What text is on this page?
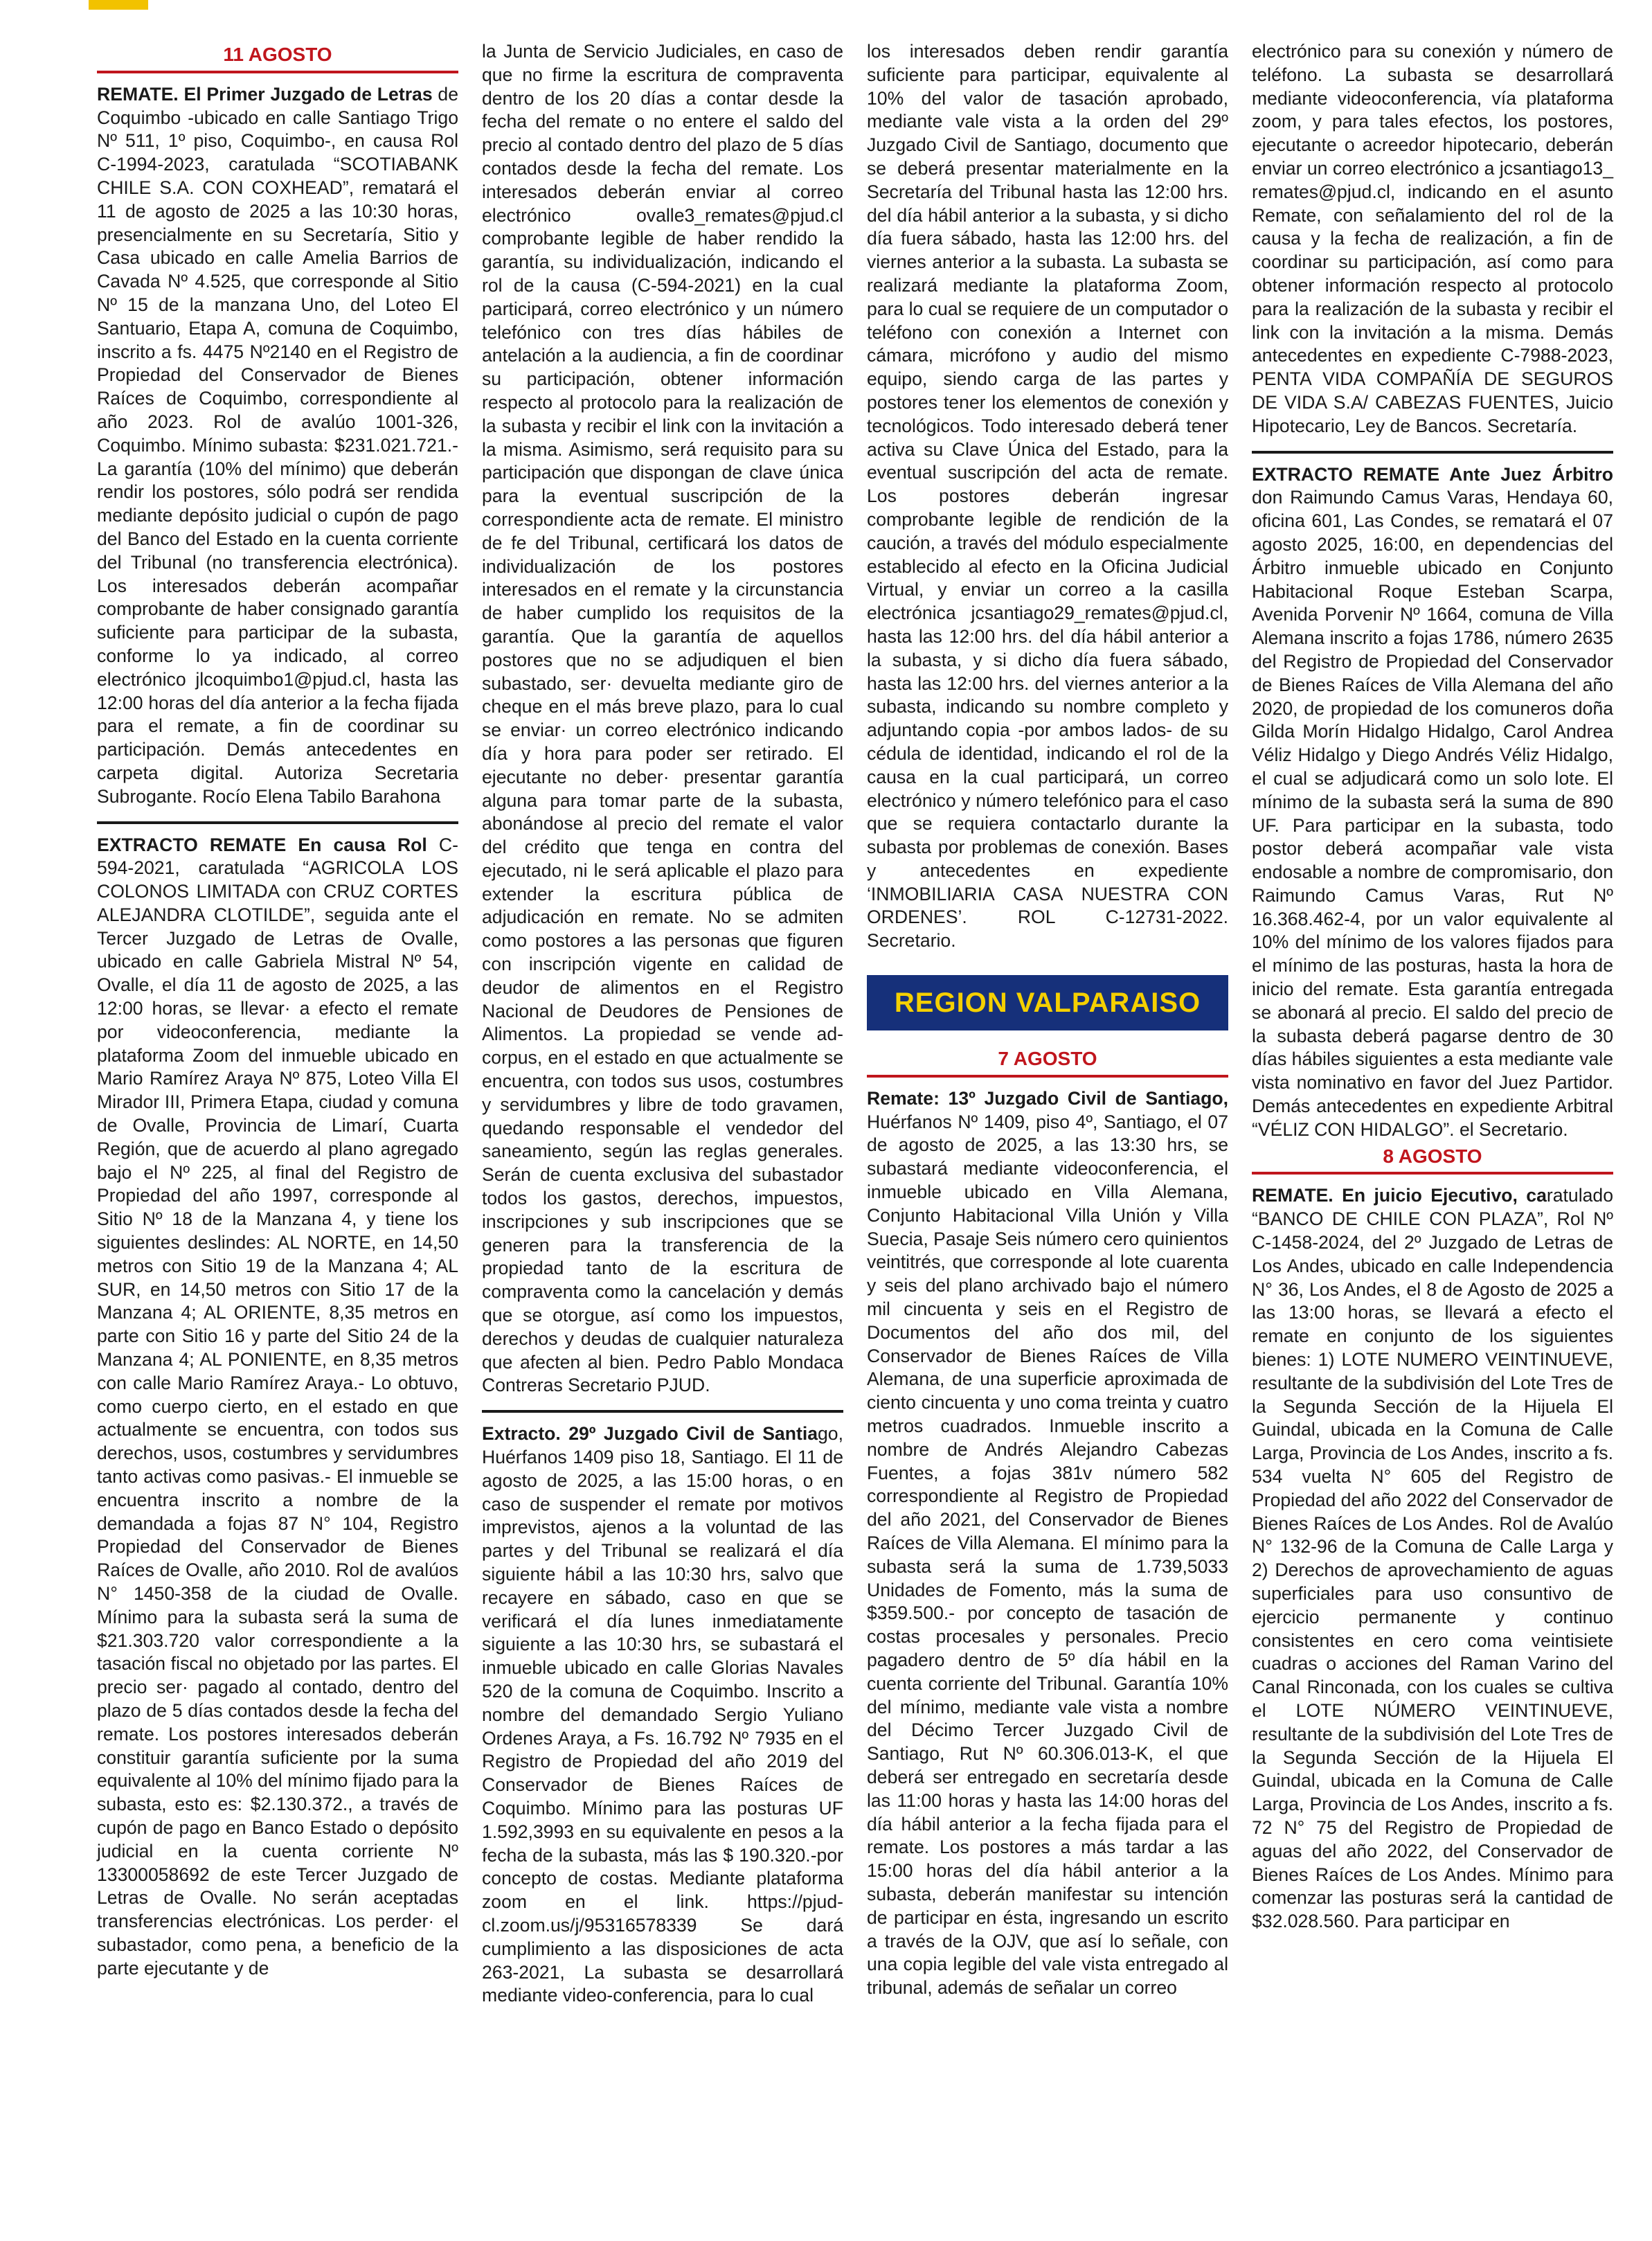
11 AGOSTO

REMATE. El Primer Juzgado de Letras de Coquimbo -ubicado en calle Santiago Trigo Nº 511, 1º piso, Coquimbo-, en causa Rol C-1994-2023, caratulada “SCOTIABANK CHILE S.A. CON COXHEAD”, rematará el 11 de agosto de 2025 a las 10:30 horas, presencialmente en su Secretaría, Sitio y Casa ubicado en calle Amelia Barrios de Cavada Nº 4.525, que corresponde al Sitio Nº 15 de la manzana Uno, del Loteo El Santuario, Etapa A, comuna de Coquimbo, inscrito a fs. 4475 Nº2140 en el Registro de Propiedad del Conservador de Bienes Raíces de Coquimbo, correspondiente al año 2023. Rol de avalúo 1001-326, Coquimbo. Mínimo subasta: $231.021.721.- La garantía (10% del mínimo) que deberán rendir los postores, sólo podrá ser rendida mediante depósito judicial o cupón de pago del Banco del Estado en la cuenta corriente del Tribunal (no transferencia electrónica). Los interesados deberán acompañar comprobante de haber consignado garantía suficiente para participar de la subasta, conforme lo ya indicado, al correo electrónico jlcoquimbo1@pjud.cl, hasta las 12:00 horas del día anterior a la fecha fijada para el remate, a fin de coordinar su participación. Demás antecedentes en carpeta digital. Autoriza Secretaria Subrogante. Rocío Elena Tabilo Barahona

EXTRACTO REMATE En causa Rol C-594-2021, caratulada “AGRICOLA LOS COLONOS LIMITADA con CRUZ CORTES ALEJANDRA CLOTILDE”, seguida ante el Tercer Juzgado de Letras de Ovalle, ubicado en calle Gabriela Mistral Nº 54, Ovalle, el día 11 de agosto de 2025, a las 12:00 horas, se llevar· a efecto el remate por videoconferencia, mediante la plataforma Zoom del inmueble ubicado en Mario Ramírez Araya Nº 875, Loteo Villa El Mirador III, Primera Etapa, ciudad y comuna de Ovalle, Provincia de Limarí, Cuarta Región, que de acuerdo al plano agregado bajo el Nº 225, al final del Registro de Propiedad del año 1997, corresponde al Sitio Nº 18 de la Manzana 4, y tiene los siguientes deslindes: AL NORTE, en 14,50 metros con Sitio 19 de la Manzana 4; AL SUR, en 14,50 metros con Sitio 17 de la Manzana 4; AL ORIENTE, 8,35 metros en parte con Sitio 16 y parte del Sitio 24 de la Manzana 4; AL PONIENTE, en 8,35 metros con calle Mario Ramírez Araya.- Lo obtuvo, como cuerpo cierto, en el estado en que actualmente se encuentra, con todos sus derechos, usos, costumbres y servidumbres tanto activas como pasivas.- El inmueble se encuentra inscrito a nombre de la demandada a fojas 87 N° 104, Registro Propiedad del Conservador de Bienes Raíces de Ovalle, año 2010. Rol de avalúos N° 1450-358 de la ciudad de Ovalle. Mínimo para la subasta será la suma de $21.303.720 valor correspondiente a la tasación fiscal no objetado por las partes. El precio ser· pagado al contado, dentro del plazo de 5 días contados desde la fecha del remate. Los postores interesados deberán constituir garantía suficiente por la suma equivalente al 10% del mínimo fijado para la subasta, esto es: $2.130.372., a través de cupón de pago en Banco Estado o depósito judicial en la cuenta corriente Nº 13300058692 de este Tercer Juzgado de Letras de Ovalle. No serán aceptadas transferencias electrónicas. Los perder· el subastador, como pena, a beneficio de la parte ejecutante y de

la Junta de Servicio Judiciales, en caso de que no firme la escritura de compraventa dentro de los 20 días a contar desde la fecha del remate o no entere el saldo del precio al contado dentro del plazo de 5 días contados desde la fecha del remate. Los interesados deberán enviar al correo electrónico ovalle3_remates@pjud.cl comprobante legible de haber rendido la garantía, su individualización, indicando el rol de la causa (C-594-2021) en la cual participará, correo electrónico y un número telefónico con tres días hábiles de antelación a la audiencia, a fin de coordinar su participación, obtener información respecto al protocolo para la realización de la subasta y recibir el link con la invitación a la misma. Asimismo, será requisito para su participación que dispongan de clave única para la eventual suscripción de la correspondiente acta de remate. El ministro de fe del Tribunal, certificará los datos de individualización de los postores interesados en el remate y la circunstancia de haber cumplido los requisitos de la garantía. Que la garantía de aquellos postores que no se adjudiquen el bien subastado, ser· devuelta mediante giro de cheque en el más breve plazo, para lo cual se enviar· un correo electrónico indicando día y hora para poder ser retirado. El ejecutante no deber· presentar garantía alguna para tomar parte de la subasta, abonándose al precio del remate el valor del crédito que tenga en contra del ejecutado, ni le será aplicable el plazo para extender la escritura pública de adjudicación en remate. No se admiten como postores a las personas que figuren con inscripción vigente en calidad de deudor de alimentos en el Registro Nacional de Deudores de Pensiones de Alimentos. La propiedad se vende ad-corpus, en el estado en que actualmente se encuentra, con todos sus usos, costumbres y servidumbres y libre de todo gravamen, quedando responsable el vendedor del saneamiento, según las reglas generales. Serán de cuenta exclusiva del subastador todos los gastos, derechos, impuestos, inscripciones y sub inscripciones que se generen para la transferencia de la propiedad tanto de la escritura de compraventa como la cancelación y demás que se otorgue, así como los impuestos, derechos y deudas de cualquier naturaleza que afecten al bien. Pedro Pablo Mondaca Contreras Secretario PJUD.

Extracto. 29º Juzgado Civil de Santiago, Huérfanos 1409 piso 18, Santiago. El 11 de agosto de 2025, a las 15:00 horas, o en caso de suspender el remate por motivos imprevistos, ajenos a la voluntad de las partes y del Tribunal se realizará el día siguiente hábil a las 10:30 hrs, salvo que recayere en sábado, caso en que se verificará el día lunes inmediatamente siguiente a las 10:30 hrs, se subastará el inmueble ubicado en calle Glorias Navales 520 de la comuna de Coquimbo. Inscrito a nombre del demandado Sergio Yuliano Ordenes Araya, a Fs. 16.792 Nº 7935 en el Registro de Propiedad del año 2019 del Conservador de Bienes Raíces de Coquimbo. Mínimo para las posturas UF 1.592,3993 en su equivalente en pesos a la fecha de la subasta, más las $ 190.320.-por concepto de costas. Mediante plataforma zoom en el link. https://pjud-cl.zoom.us/j/95316578339 Se dará cumplimiento a las disposiciones de acta 263-2021, La subasta se desarrollará mediante video-conferencia, para lo cual

los interesados deben rendir garantía suficiente para participar, equivalente al 10% del valor de tasación aprobado, mediante vale vista a la orden del 29º Juzgado Civil de Santiago, documento que se deberá presentar materialmente en la Secretaría del Tribunal hasta las 12:00 hrs. del día hábil anterior a la subasta, y si dicho día fuera sábado, hasta las 12:00 hrs. del viernes anterior a la subasta. La subasta se realizará mediante la plataforma Zoom, para lo cual se requiere de un computador o teléfono con conexión a Internet con cámara, micrófono y audio del mismo equipo, siendo carga de las partes y postores tener los elementos de conexión y tecnológicos. Todo interesado deberá tener activa su Clave Única del Estado, para la eventual suscripción del acta de remate. Los postores deberán ingresar comprobante legible de rendición de la caución, a través del módulo especialmente establecido al efecto en la Oficina Judicial Virtual, y enviar un correo a la casilla electrónica jcsantiago29_remates@pjud.cl, hasta las 12:00 hrs. del día hábil anterior a la subasta, y si dicho día fuera sábado, hasta las 12:00 hrs. del viernes anterior a la subasta, indicando su nombre completo y adjuntando copia -por ambos lados- de su cédula de identidad, indicando el rol de la causa en la cual participará, un correo electrónico y número telefónico para el caso que se requiera contactarlo durante la subasta por problemas de conexión. Bases y antecedentes en expediente ‘INMOBILIARIA CASA NUESTRA CON ORDENES’. ROL C-12731-2022. Secretario.

REGION VALPARAISO
7 AGOSTO

Remate: 13º Juzgado Civil de Santiago, Huérfanos Nº 1409, piso 4º, Santiago, el 07 de agosto de 2025, a las 13:30 hrs, se subastará mediante videoconferencia, el inmueble ubicado en Villa Alemana, Conjunto Habitacional Villa Unión y Villa Suecia, Pasaje Seis número cero quinientos veintitrés, que corresponde al lote cuarenta y seis del plano archivado bajo el número mil cincuenta y seis en el Registro de Documentos del año dos mil, del Conservador de Bienes Raíces de Villa Alemana, de una superficie aproximada de ciento cincuenta y uno coma treinta y cuatro metros cuadrados. Inmueble inscrito a nombre de Andrés Alejandro Cabezas Fuentes, a fojas 381v número 582 correspondiente al Registro de Propiedad del año 2021, del Conservador de Bienes Raíces de Villa Alemana. El mínimo para la subasta será la suma de 1.739,5033 Unidades de Fomento, más la suma de $359.500.- por concepto de tasación de costas procesales y personales. Precio pagadero dentro de 5º día hábil en la cuenta corriente del Tribunal. Garantía 10% del mínimo, mediante vale vista a nombre del Décimo Tercer Juzgado Civil de Santiago, Rut Nº 60.306.013-K, el que deberá ser entregado en secretaría desde las 11:00 horas y hasta las 14:00 horas del día hábil anterior a la fecha fijada para el remate. Los postores a más tardar a las 15:00 horas del día hábil anterior a la subasta, deberán manifestar su intención de participar en ésta, ingresando un escrito a través de la OJV, que así lo señale, con una copia legible del vale vista entregado al tribunal, además de señalar un correo

electrónico para su conexión y número de teléfono. La subasta se desarrollará mediante videoconferencia, vía plataforma zoom, y para tales efectos, los postores, ejecutante o acreedor hipotecario, deberán enviar un correo electrónico a jcsantiago13_ remates@pjud.cl, indicando en el asunto Remate, con señalamiento del rol de la causa y la fecha de realización, a fin de coordinar su participación, así como para obtener información respecto al protocolo para la realización de la subasta y recibir el link con la invitación a la misma. Demás antecedentes en expediente C-7988-2023, PENTA VIDA COMPAÑÍA DE SEGUROS DE VIDA S.A/ CABEZAS FUENTES, Juicio Hipotecario, Ley de Bancos. Secretaría.

EXTRACTO REMATE Ante Juez Árbitro don Raimundo Camus Varas, Hendaya 60, oficina 601, Las Condes, se rematará el 07 agosto 2025, 16:00, en dependencias del Árbitro inmueble ubicado en Conjunto Habitacional Roque Esteban Scarpa, Avenida Porvenir Nº 1664, comuna de Villa Alemana inscrito a fojas 1786, número 2635 del Registro de Propiedad del Conservador de Bienes Raíces de Villa Alemana del año 2020, de propiedad de los comuneros doña Gilda Morín Hidalgo Hidalgo, Carol Andrea Véliz Hidalgo y Diego Andrés Véliz Hidalgo, el cual se adjudicará como un solo lote. El mínimo de la subasta será la suma de 890 UF. Para participar en la subasta, todo postor deberá acompañar vale vista endosable a nombre de compromisario, don Raimundo Camus Varas, Rut Nº 16.368.462-4, por un valor equivalente al 10% del mínimo de los valores fijados para el mínimo de las posturas, hasta la hora de inicio del remate. Esta garantía entregada se abonará al precio. El saldo del precio de la subasta deberá pagarse dentro de 30 días hábiles siguientes a esta mediante vale vista nominativo en favor del Juez Partidor. Demás antecedentes en expediente Arbitral “VÉLIZ CON HIDALGO”. el Secretario.

8 AGOSTO

REMATE. En juicio Ejecutivo, caratulado “BANCO DE CHILE CON PLAZA”, Rol Nº C-1458-2024, del 2º Juzgado de Letras de Los Andes, ubicado en calle Independencia N° 36, Los Andes, el 8 de Agosto de 2025 a las 13:00 horas, se llevará a efecto el remate en conjunto de los siguientes bienes: 1) LOTE NUMERO VEINTINUEVE, resultante de la subdivisión del Lote Tres de la Segunda Sección de la Hijuela El Guindal, ubicada en la Comuna de Calle Larga, Provincia de Los Andes, inscrito a fs. 534 vuelta N° 605 del Registro de Propiedad del año 2022 del Conservador de Bienes Raíces de Los Andes. Rol de Avalúo N° 132-96 de la Comuna de Calle Larga y 2) Derechos de aprovechamiento de aguas superficiales para uso consuntivo de ejercicio permanente y continuo consistentes en cero coma veintisiete cuadras o acciones del Raman Varino del Canal Rinconada, con los cuales se cultiva el LOTE NÚMERO VEINTINUEVE, resultante de la subdivisión del Lote Tres de la Segunda Sección de la Hijuela El Guindal, ubicada en la Comuna de Calle Larga, Provincia de Los Andes, inscrito a fs. 72 N° 75 del Registro de Propiedad de aguas del año 2022, del Conservador de Bienes Raíces de Los Andes. Mínimo para comenzar las posturas será la cantidad de $32.028.560. Para participar en
